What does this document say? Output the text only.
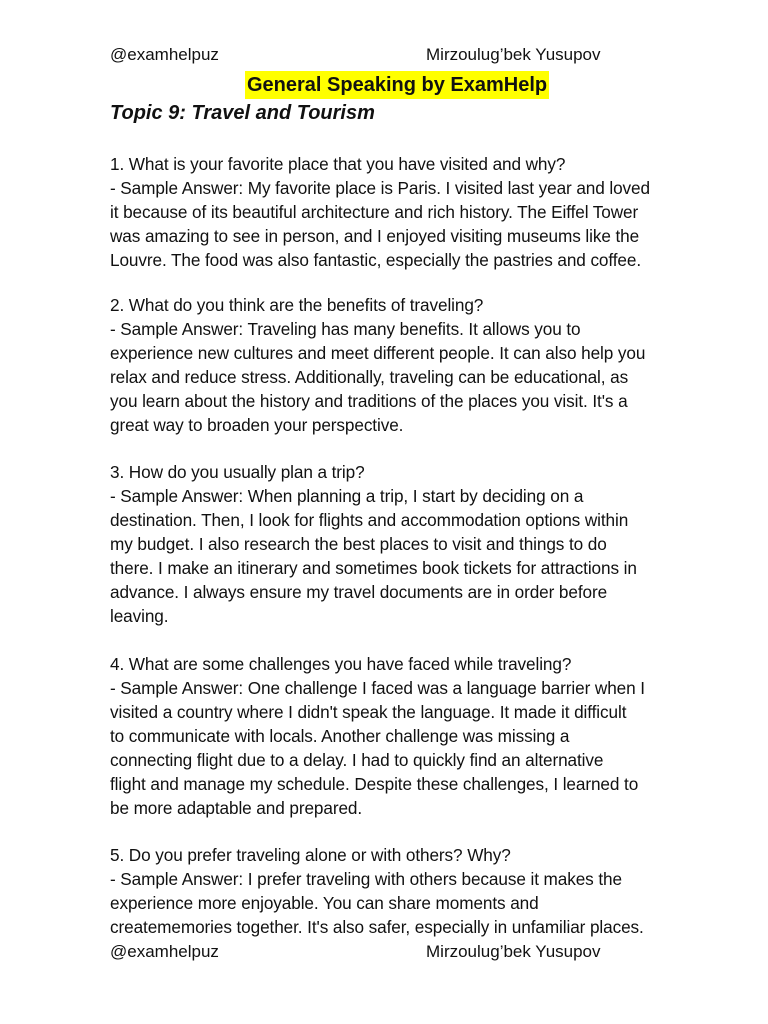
@examhelpuz	Mirzoulug’bek Yusupov
General Speaking by ExamHelp
Topic 9: Travel and Tourism
1. What is your favorite place that you have visited and why?
- Sample Answer: My favorite place is Paris. I visited last year and loved
it because of its beautiful architecture and rich history. The Eiffel Tower
was amazing to see in person, and I enjoyed visiting museums like the
Louvre. The food was also fantastic, especially the pastries and coffee.
2. What do you think are the benefits of traveling?
- Sample Answer: Traveling has many benefits. It allows you to
experience new cultures and meet different people. It can also help you
relax and reduce stress. Additionally, traveling can be educational, as
you learn about the history and traditions of the places you visit. It's a
great way to broaden your perspective.
3. How do you usually plan a trip?
- Sample Answer: When planning a trip, I start by deciding on a
destination. Then, I look for flights and accommodation options within
my budget. I also research the best places to visit and things to do
there. I make an itinerary and sometimes book tickets for attractions in
advance. I always ensure my travel documents are in order before
leaving.
4. What are some challenges you have faced while traveling?
- Sample Answer: One challenge I faced was a language barrier when I
visited a country where I didn't speak the language. It made it difficult
to communicate with locals. Another challenge was missing a
connecting flight due to a delay. I had to quickly find an alternative
flight and manage my schedule. Despite these challenges, I learned to
be more adaptable and prepared.
5. Do you prefer traveling alone or with others? Why?
- Sample Answer: I prefer traveling with others because it makes the
experience more enjoyable. You can share moments and
creatememories together. It's also safer, especially in unfamiliar places.
@examhelpuz	Mirzoulug’bek Yusupov
